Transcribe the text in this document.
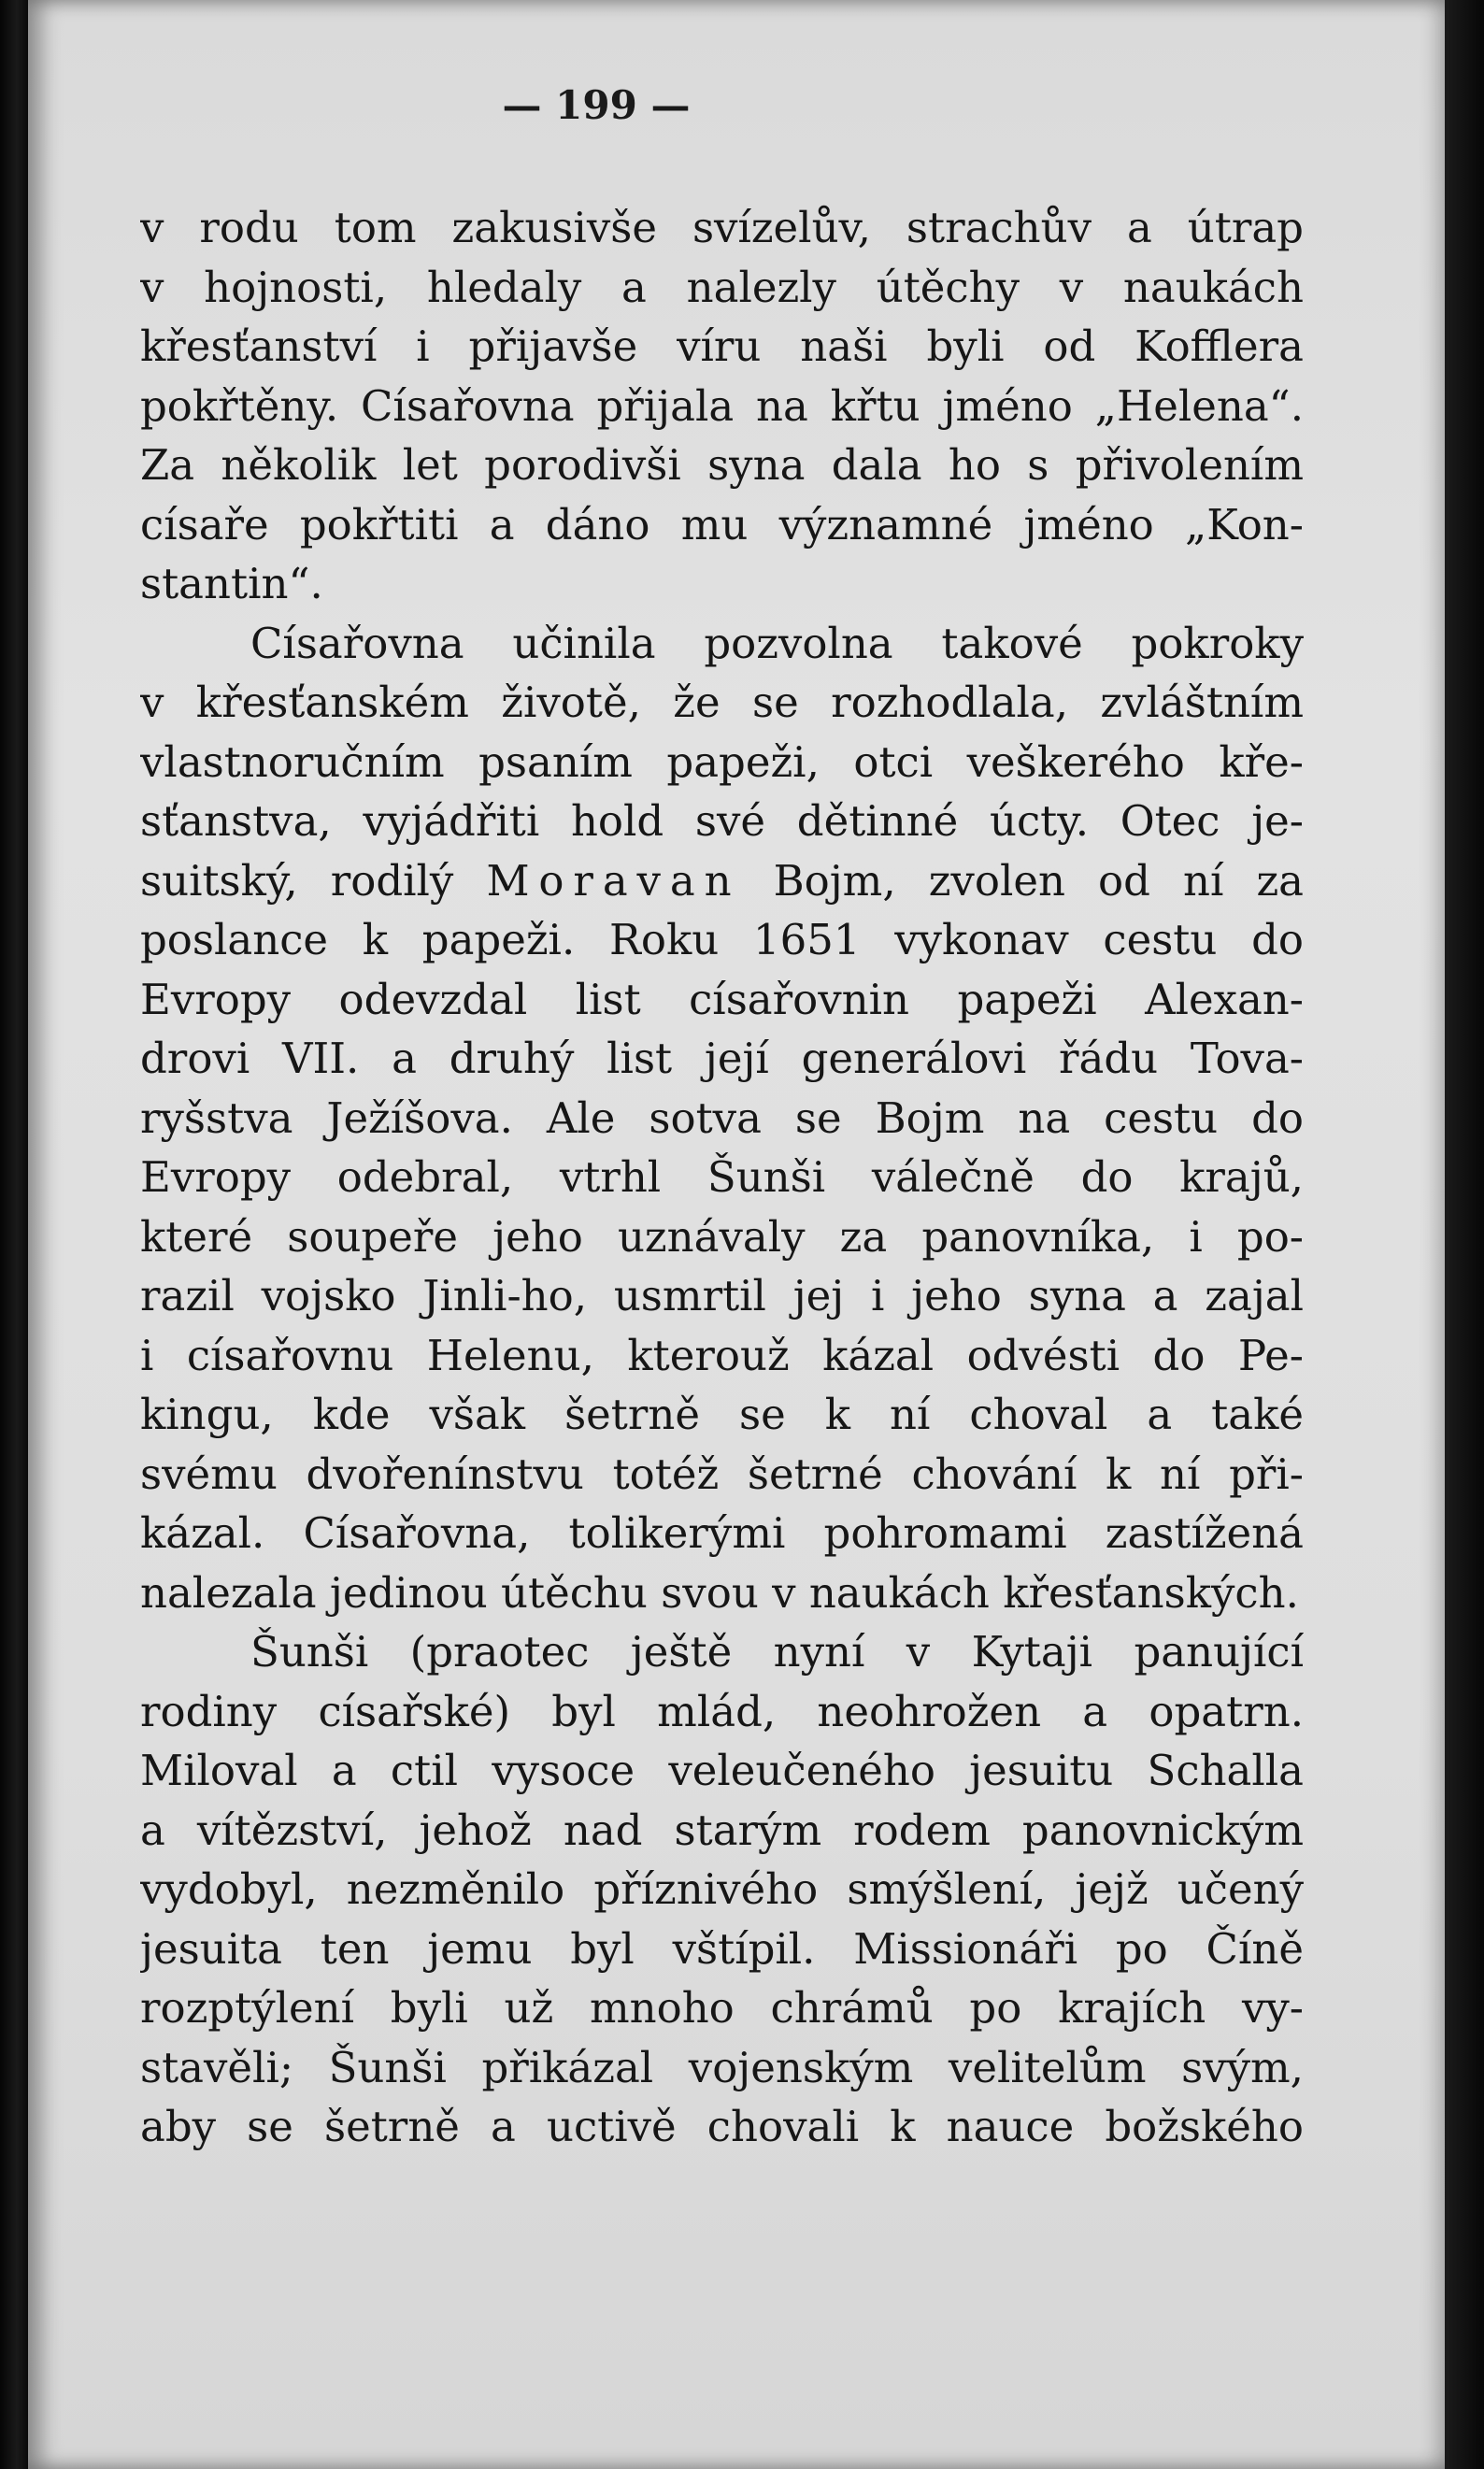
— 199 —
v rodu tom zakusivše svízelův, strachův a útrap
v hojnosti, hledaly a nalezly útěchy v naukách
křesťanství i přijavše víru naši byli od Kofflera
pokřtěny. Císařovna přijala na křtu jméno „Helena“.
Za několik let porodivši syna dala ho s přivolením
císaře pokřtiti a dáno mu významné jméno „Kon-
stantin“.
Císařovna učinila pozvolna takové pokroky
v křesťanském životě, že se rozhodlala, zvláštním
vlastnoručním psaním papeži, otci veškerého kře-
sťanstva, vyjádřiti hold své dětinné úcty. Otec je-
suitský, rodilý Moravan Bojm, zvolen od ní za
poslance k papeži. Roku 1651 vykonav cestu do
Evropy odevzdal list císařovnin papeži Alexan-
drovi VII. a druhý list její generálovi řádu Tova-
ryšstva Ježíšova. Ale sotva se Bojm na cestu do
Evropy odebral, vtrhl Šunši válečně do krajů,
které soupeře jeho uznávaly za panovníka, i po-
razil vojsko Jinli-ho, usmrtil jej i jeho syna a zajal
i císařovnu Helenu, kterouž kázal odvésti do Pe-
kingu, kde však šetrně se k ní choval a také
svému dvořenínstvu totéž šetrné chování k ní při-
kázal. Císařovna, tolikerými pohromami zastížená
nalezala jedinou útěchu svou v naukách křesťanských.
Šunši (praotec ještě nyní v Kytaji panující
rodiny císařské) byl mlád, neohrožen a opatrn.
Miloval a ctil vysoce veleučeného jesuitu Schalla
a vítězství, jehož nad starým rodem panovnickým
vydobyl, nezměnilo příznivého smýšlení, jejž učený
jesuita ten jemu byl vštípil. Missionáři po Číně
rozptýlení byli už mnoho chrámů po krajích vy-
stavěli; Šunši přikázal vojenským velitelům svým,
aby se šetrně a uctivě chovali k nauce božského
